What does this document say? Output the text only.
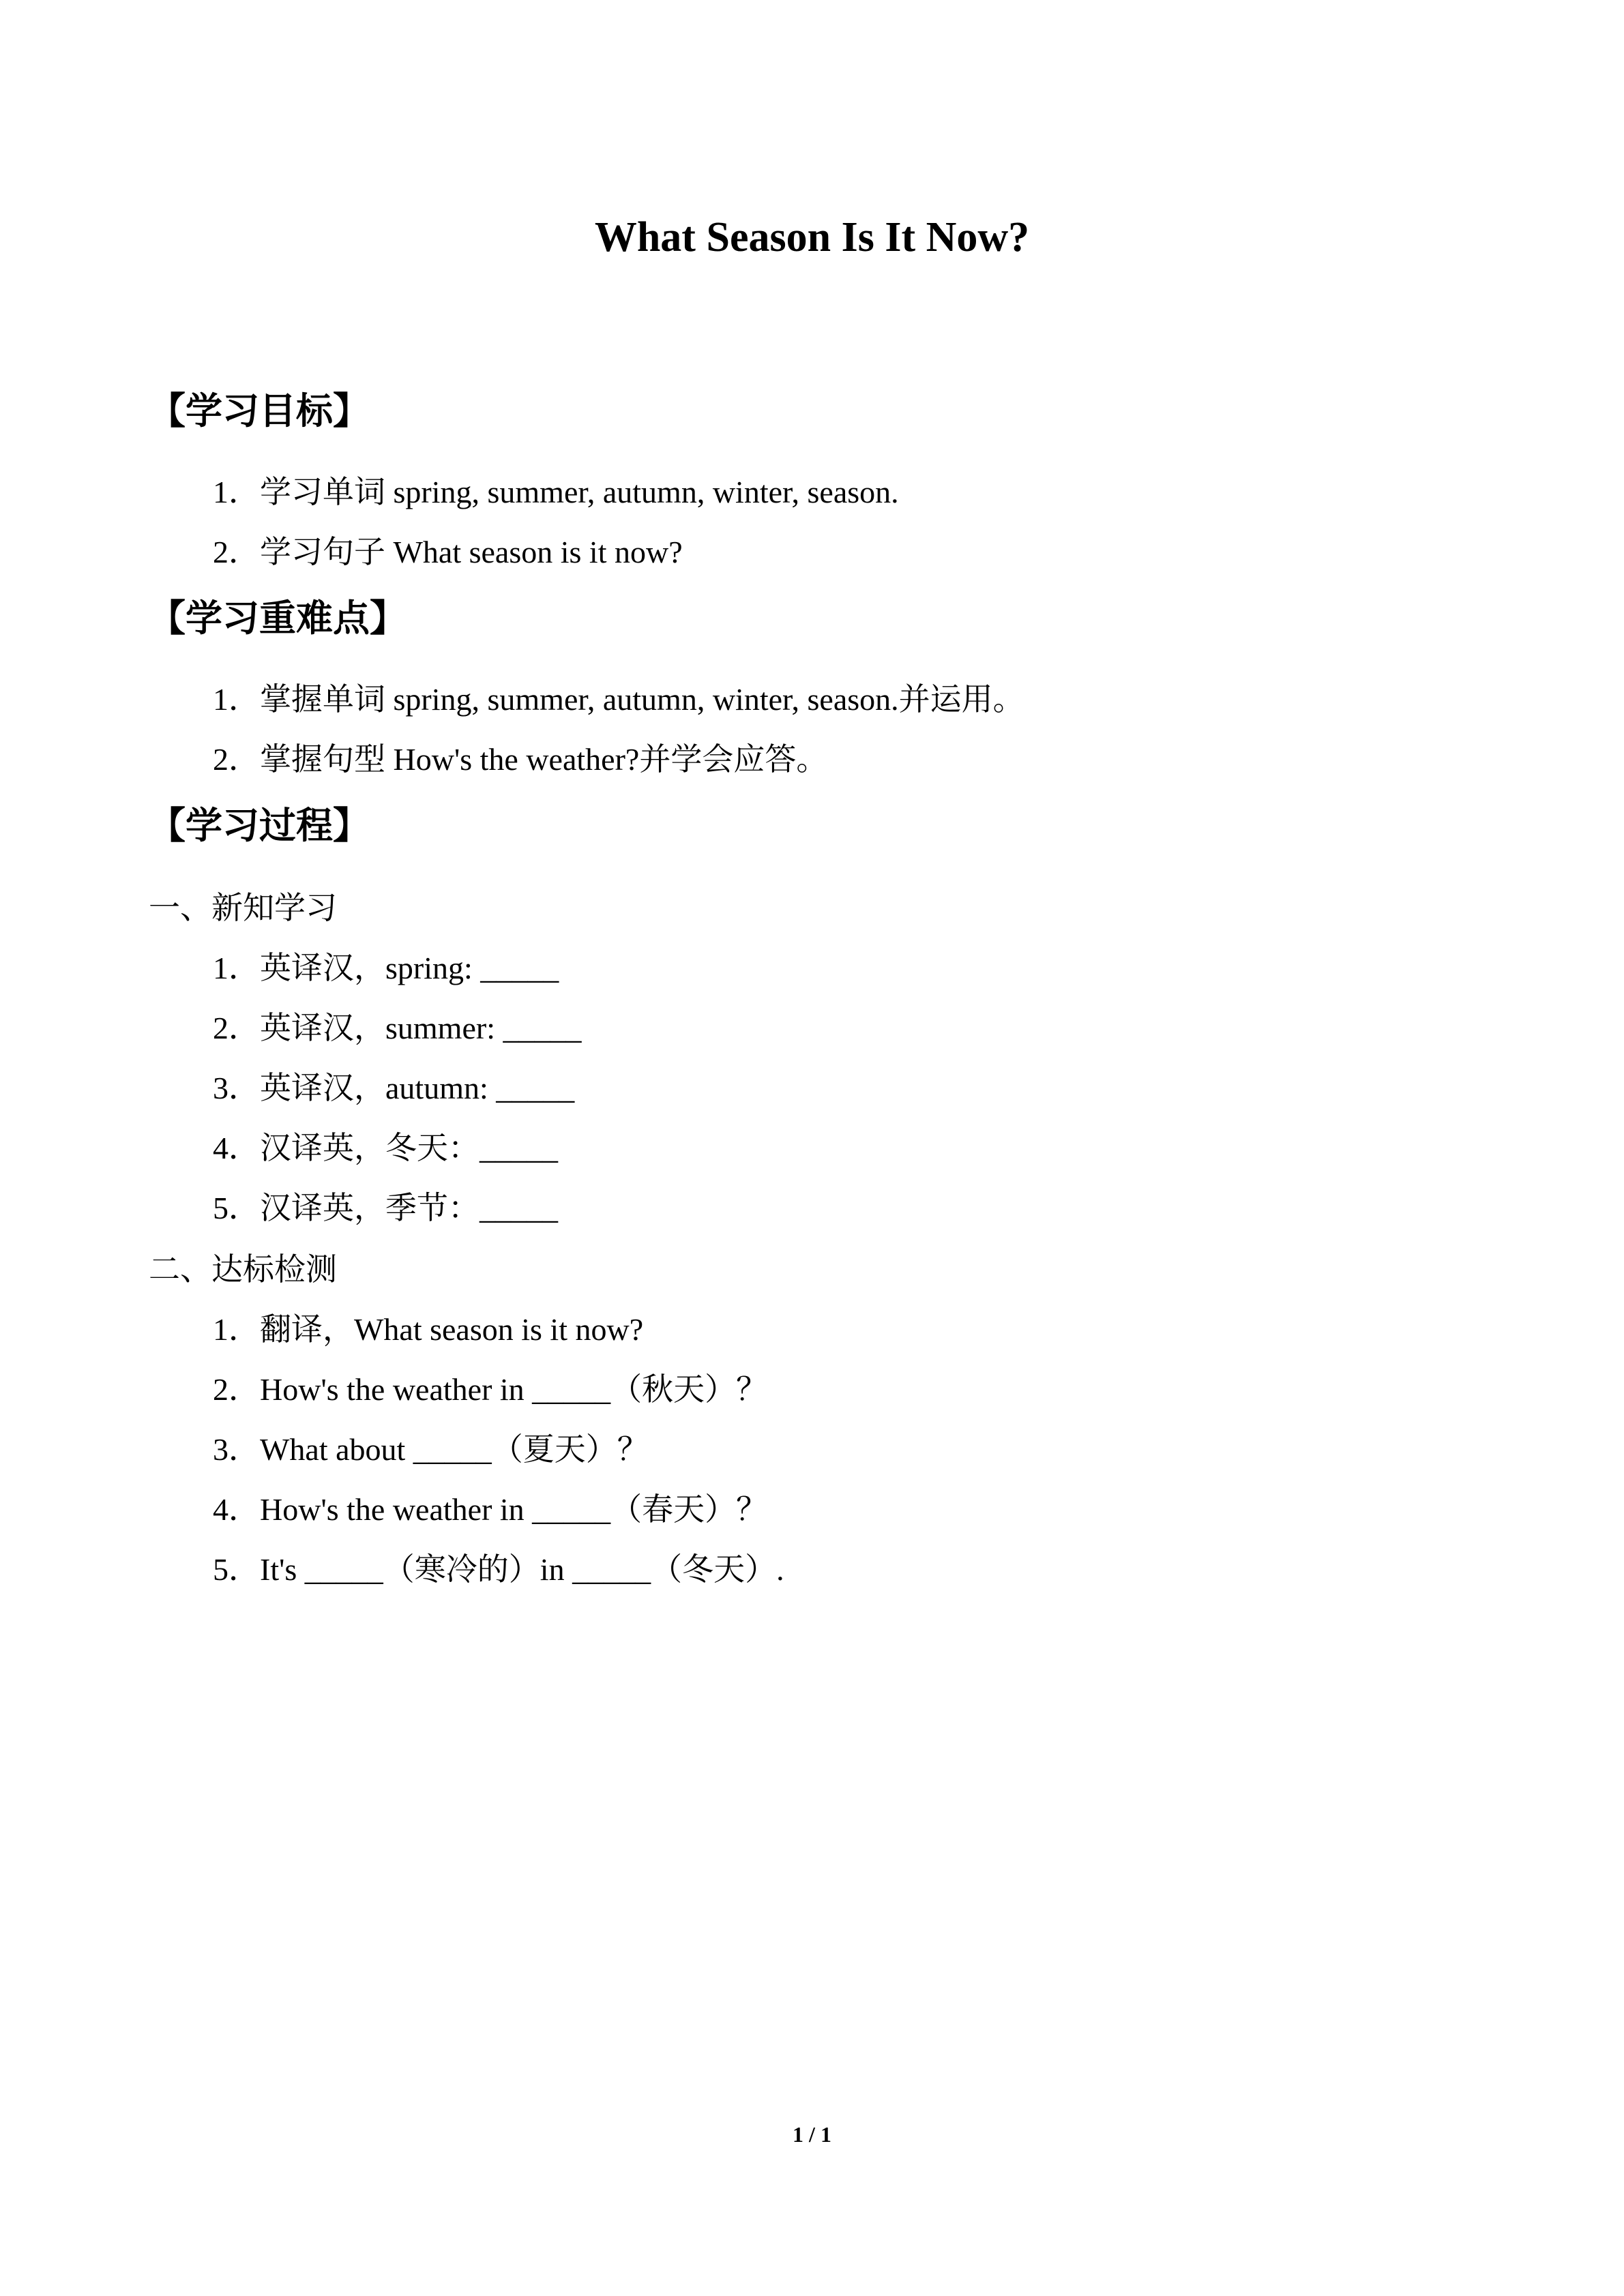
What Season Is It Now?
【学习目标】
1．学习单词 spring, summer, autumn, winter, season.
2．学习句子 What season is it now?
【学习重难点】
1．掌握单词 spring, summer, autumn, winter, season.并运用。
2．掌握句型 How's the weather?并学会应答。
【学习过程】
一、新知学习
1．英译汉，spring: _____
2．英译汉，summer: _____
3．英译汉，autumn: _____
4．汉译英，冬天：_____
5．汉译英，季节：_____
二、达标检测
1．翻译，What season is it now?
2．How's the weather in _____（秋天）？
3．What about _____（夏天）？
4．How's the weather in _____（春天）？
5．It's _____（寒冷的）in _____（冬天）.
1 / 1
